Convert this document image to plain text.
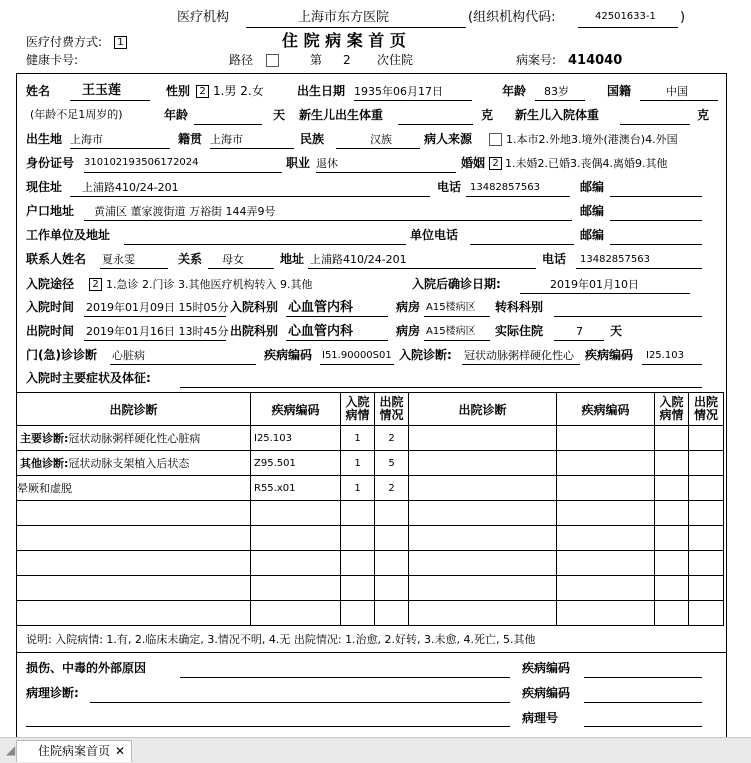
医疗机构	上海市东方医院	(组织机构代码:	42501633-1 )
医疗付费方式:	1	住 院 病 案 首 页
健康卡号:	路径	第 2 次住院	病案号: 414040
姓名 王玉莲	性别 2 1.男 2.女	出生日期 1935年06月17日	年龄 83岁	国籍	中国
(年龄不足1周岁的)	年龄	天 新生儿出生体重	克 新生儿入院体重	克
出生地 上海市	籍贯 上海市	民族	汉族	病人来源	1.本市2.外地3.境外(港澳台)4.外国
身份证号 310102193506172024	职业 退休	婚姻 2 1.未婚2.已婚3.丧偶4.离婚9.其他
现住址 上浦路410/24-201	电话 13482857563	邮编
户口地址 黄浦区 董家渡街道 万裕街 144弄9号	邮编
工作单位及地址	单位电话	邮编
联系人姓名 夏永雯	关系 母女	地址 上浦路410/24-201	电话 13482857563
入院途径	2 1.急诊 2.门诊 3.其他医疗机构转入 9.其他	入院后确诊日期:	2019年01月10日
入院时间 2019年01月09日 15时05分 入院科别 心血管内科	病房 A15楼病区 转科科别
出院时间 2019年01月16日 13时45分 出院科别 心血管内科	病房 A15楼病区 实际住院	7 天
门(急)诊诊断 心脏病	疾病编码 I51.90000S01 入院诊断: 冠状动脉粥样硬化性心 疾病编码 I25.103
入院时主要症状及体征:
出院诊断	疾病编码	入院病情	出院情况	出院诊断	疾病编码	入院病情	出院情况
主要诊断:冠状动脉粥样硬化性心脏病	I25.103	1	2				
其他诊断:冠状动脉支架植入后状态	Z95.501	1	5				
晕厥和虚脱	R55.x01	1	2				

说明: 入院病情: 1.有, 2.临床未确定, 3.情况不明, 4.无 出院情况: 1.治愈, 2.好转, 3.未愈, 4.死亡, 5.其他
损伤、中毒的外部原因	疾病编码
病理诊断:	疾病编码
病理号
◢ 住院病案首页 ✕
